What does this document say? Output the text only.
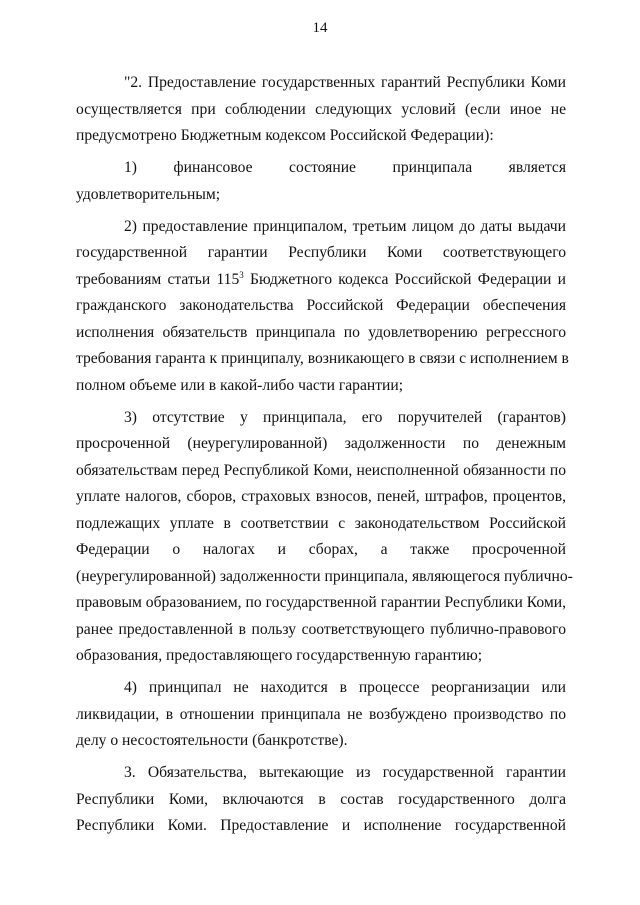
14

"2. Предоставление государственных гарантий Республики Коми
осуществляется при соблюдении следующих условий (если иное не
предусмотрено Бюджетным кодексом Российской Федерации):

1) финансовое состояние принципала является
удовлетворительным;

2) предоставление принципалом, третьим лицом до даты выдачи
государственной гарантии Республики Коми соответствующего
требованиям статьи $115^3$ Бюджетного кодекса Российской Федерации и
гражданского законодательства Российской Федерации обеспечения
исполнения обязательств принципала по удовлетворению регрессного
требования гаранта к принципалу, возникающего в связи с исполнением в
полном объеме или в какой-либо части гарантии;

3) отсутствие у принципала, его поручителей (гарантов)
просроченной (неурегулированной) задолженности по денежным
обязательствам перед Республикой Коми, неисполненной обязанности по
уплате налогов, сборов, страховых взносов, пеней, штрафов, процентов,
подлежащих уплате в соответствии с законодательством Российской
Федерации о налогах и сборах, а также просроченной
(неурегулированной) задолженности принципала, являющегося публично-
правовым образованием, по государственной гарантии Республики Коми,
ранее предоставленной в пользу соответствующего публично-правового
образования, предоставляющего государственную гарантию;

4) принципал не находится в процессе реорганизации или
ликвидации, в отношении принципала не возбуждено производство по
делу о несостоятельности (банкротстве).

3. Обязательства, вытекающие из государственной гарантии
Республики Коми, включаются в состав государственного долга
Республики Коми. Предоставление и исполнение государственной
